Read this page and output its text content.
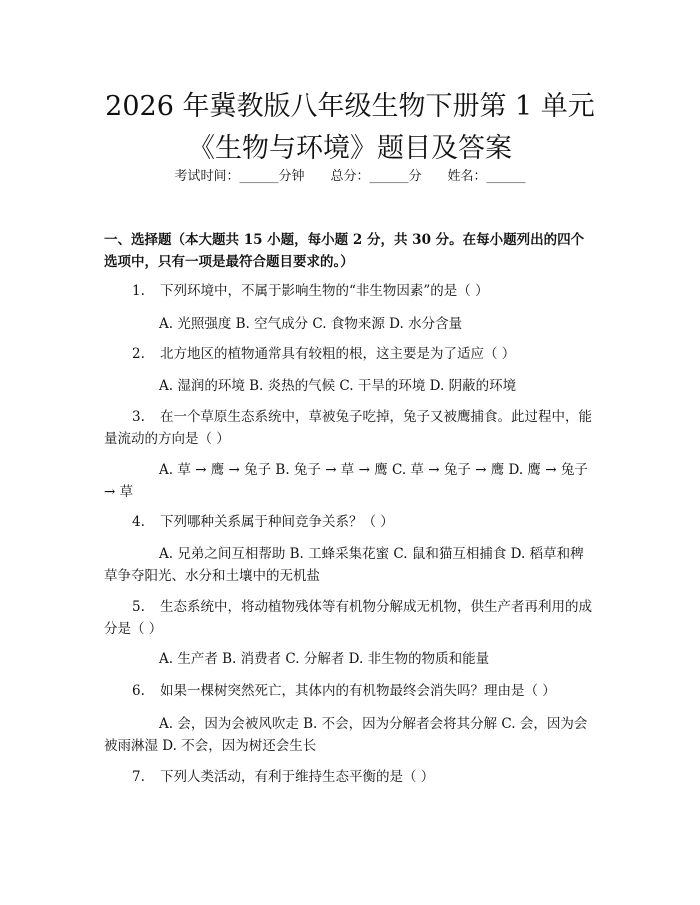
2026 年冀教版八年级生物下册第 1 单元《生物与环境》题目及答案
考试时间：______分钟 总分：______分 姓名：______

一、选择题（本大题共 15 小题，每小题 2 分，共 30 分。在每小题列出的四个选项中，只有一项是最符合题目要求的。）

1. 下列环境中，不属于影响生物的“非生物因素”的是（ ）

A. 光照强度 B. 空气成分 C. 食物来源 D. 水分含量

2. 北方地区的植物通常具有较粗的根，这主要是为了适应（ ）

A. 湿润的环境 B. 炎热的气候 C. 干旱的环境 D. 阴蔽的环境

3. 在一个草原生态系统中，草被兔子吃掉，兔子又被鹰捕食。此过程中，能量流动的方向是（ ）

A. 草 → 鹰 → 兔子 B. 兔子 → 草 → 鹰 C. 草 → 兔子 → 鹰 D. 鹰 → 兔子 → 草

4. 下列哪种关系属于种间竞争关系？（ ）

A. 兄弟之间互相帮助 B. 工蜂采集花蜜 C. 鼠和猫互相捕食 D. 稻草和稗草争夺阳光、水分和土壤中的无机盐

5. 生态系统中，将动植物残体等有机物分解成无机物，供生产者再利用的成分是（ ）

A. 生产者 B. 消费者 C. 分解者 D. 非生物的物质和能量

6. 如果一棵树突然死亡，其体内的有机物最终会消失吗？理由是（ ）

A. 会，因为会被风吹走 B. 不会，因为分解者会将其分解 C. 会，因为会被雨淋湿 D. 不会，因为树还会生长

7. 下列人类活动，有利于维持生态平衡的是（ ）
